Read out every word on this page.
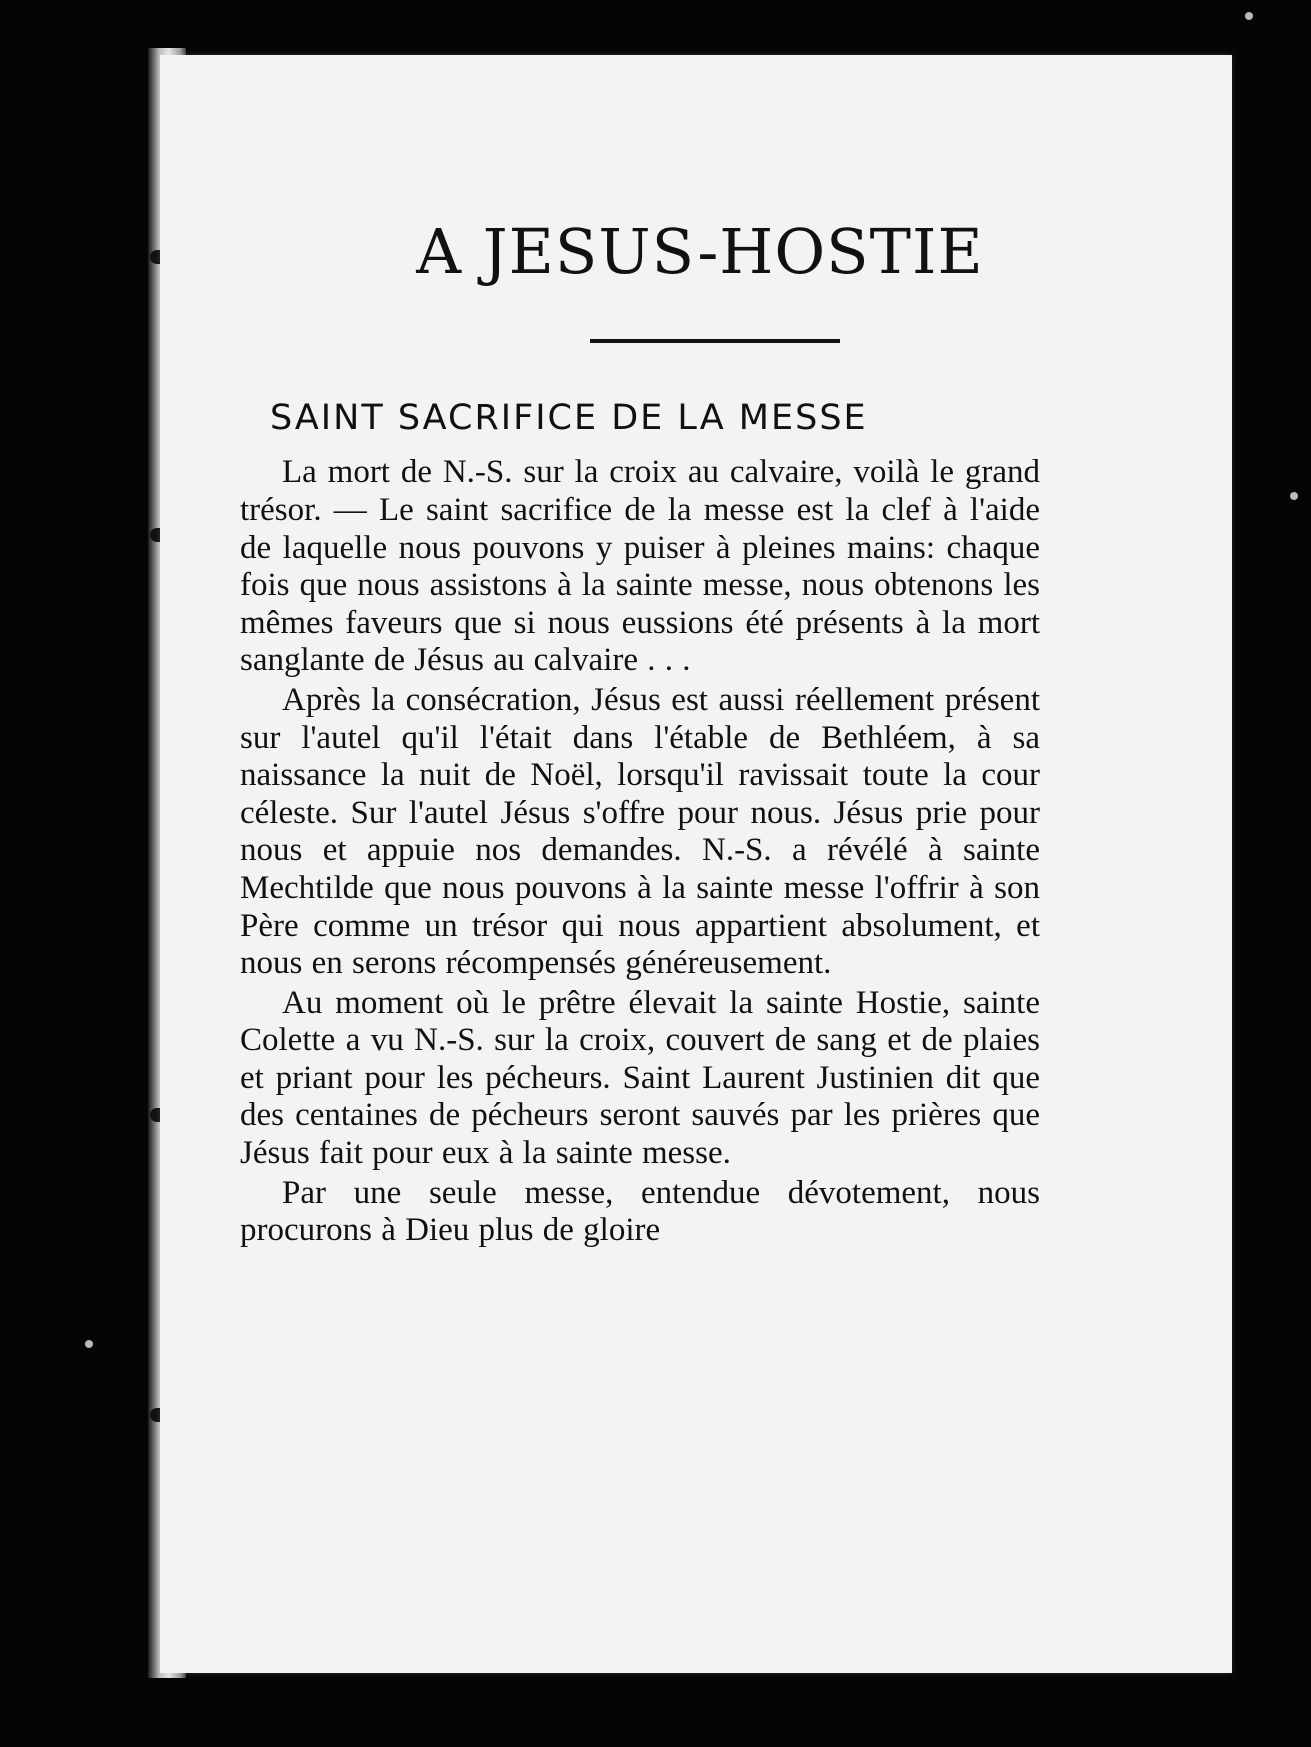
A JESUS-HOSTIE
SAINT SACRIFICE DE LA MESSE

La mort de N.-S. sur la croix au calvaire, voilà le grand trésor. — Le saint sacrifice de la messe est la clef à l'aide de laquelle nous pouvons y puiser à pleines mains: chaque fois que nous assistons à la sainte messe, nous obtenons les mêmes faveurs que si nous eussions été présents à la mort sanglante de Jésus au calvaire . . .

Après la consécration, Jésus est aussi réellement présent sur l'autel qu'il l'était dans l'étable de Bethléem, à sa naissance la nuit de Noël, lorsqu'il ravissait toute la cour céleste. Sur l'autel Jésus s'offre pour nous. Jésus prie pour nous et appuie nos demandes. N.-S. a révélé à sainte Mechtilde que nous pouvons à la sainte messe l'offrir à son Père comme un trésor qui nous appartient absolument, et nous en serons récompensés généreusement.

Au moment où le prêtre élevait la sainte Hostie, sainte Colette a vu N.-S. sur la croix, couvert de sang et de plaies et priant pour les pécheurs. Saint Laurent Justinien dit que des centaines de pécheurs seront sauvés par les prières que Jésus fait pour eux à la sainte messe.

Par une seule messe, entendue dévotement, nous procurons à Dieu plus de gloire
